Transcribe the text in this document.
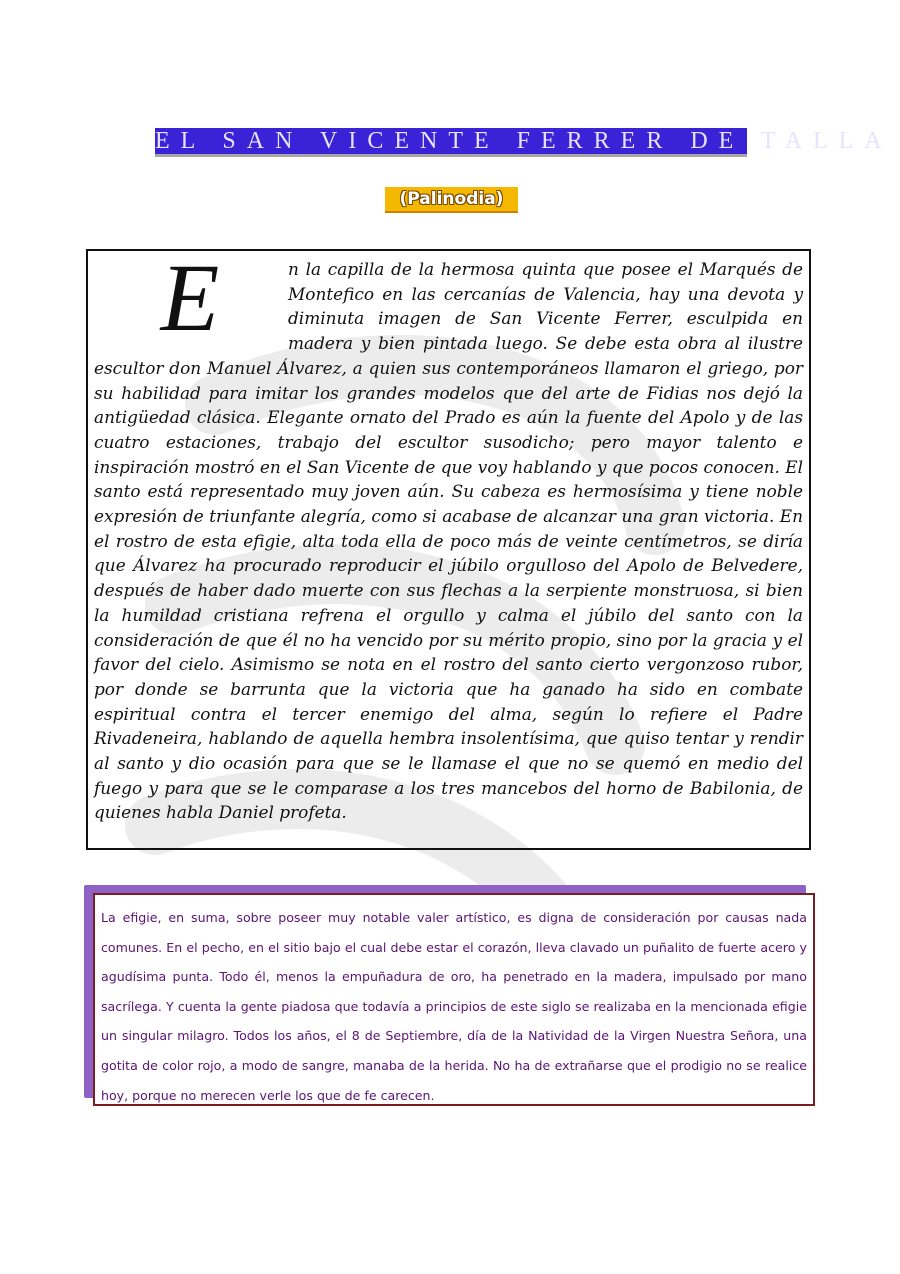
EL SAN VICENTE FERRER DE TALLA
(Palinodia)

E	n la capilla de la hermosa quinta que posee el Marqués de Montefico en las cercanías de Valencia, hay una devota y diminuta imagen de San Vicente Ferrer, esculpida en madera y bien pintada luego. Se debe esta obra al ilustre escultor don Manuel Álvarez, a quien sus contemporáneos llamaron el griego, por su habilidad para imitar los grandes modelos que del arte de Fidias nos dejó la antigüedad clásica. Elegante ornato del Prado es aún la fuente del Apolo y de las cuatro estaciones, trabajo del escultor susodicho; pero mayor talento e inspiración mostró en el San Vicente de que voy hablando y que pocos conocen. El santo está representado muy joven aún. Su cabeza es hermosísima y tiene noble expresión de triunfante alegría, como si acabase de alcanzar una gran victoria. En el rostro de esta efigie, alta toda ella de poco más de veinte centímetros, se diría que Álvarez ha procurado reproducir el júbilo orgulloso del Apolo de Belvedere, después de haber dado muerte con sus flechas a la serpiente monstruosa, si bien la humildad cristiana refrena el orgullo y calma el júbilo del santo con la consideración de que él no ha vencido por su mérito propio, sino por la gracia y el favor del cielo. Asimismo se nota en el rostro del santo cierto vergonzoso rubor, por donde se barrunta que la victoria que ha ganado ha sido en combate espiritual contra el tercer enemigo del alma, según lo refiere el Padre Rivadeneira, hablando de aquella hembra insolentísima, que quiso tentar y rendir al santo y dio ocasión para que se le llamase el que no se quemó en medio del fuego y para que se le comparase a los tres mancebos del horno de Babilonia, de quienes habla Daniel profeta.

La efigie, en suma, sobre poseer muy notable valer artístico, es digna de consideración por causas nada comunes. En el pecho, en el sitio bajo el cual debe estar el corazón, lleva clavado un puñalito de fuerte acero y agudísima punta. Todo él, menos la empuñadura de oro, ha penetrado en la madera, impulsado por mano sacrílega. Y cuenta la gente piadosa que todavía a principios de este siglo se realizaba en la mencionada efigie un singular milagro. Todos los años, el 8 de Septiembre, día de la Natividad de la Virgen Nuestra Señora, una gotita de color rojo, a modo de sangre, manaba de la herida. No ha de extrañarse que el prodigio no se realice hoy, porque no merecen verle los que de fe carecen.
